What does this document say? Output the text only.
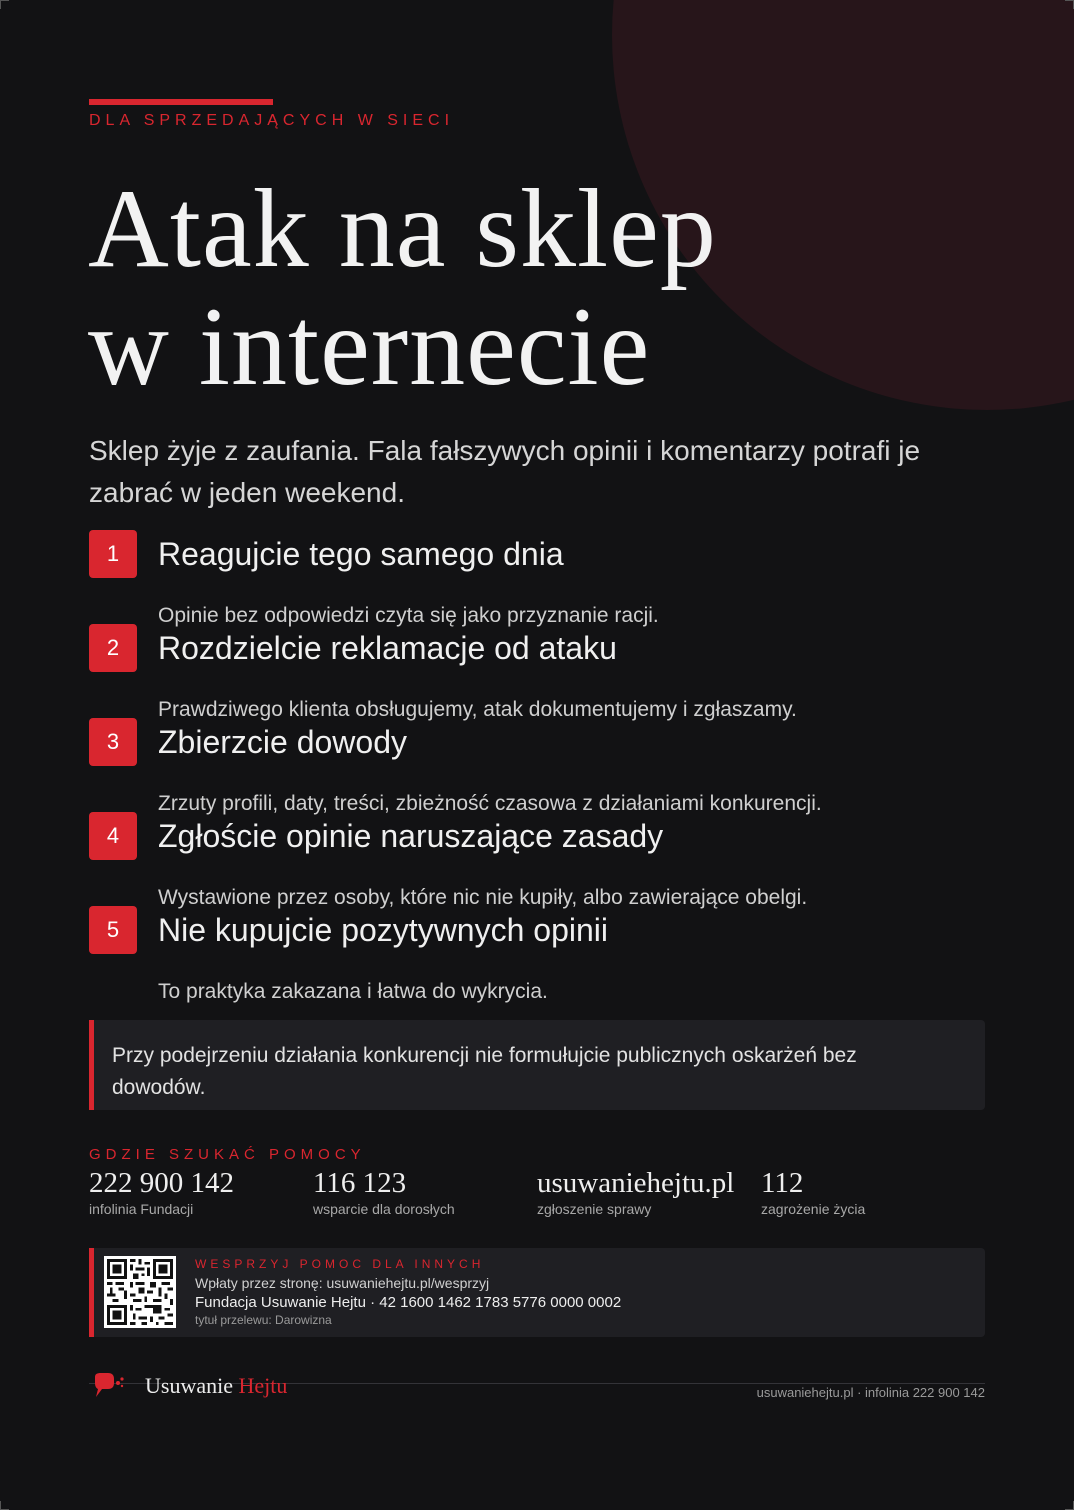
DLA SPRZEDAJĄCYCH W SIECI
Atak na sklep
w internecie

Sklep żyje z zaufania. Fala fałszywych opinii i komentarzy potrafi je zabrać w jeden weekend.

1	Reagujcie tego samego dnia
Opinie bez odpowiedzi czyta się jako przyznanie racji.
2	Rozdzielcie reklamacje od ataku
Prawdziwego klienta obsługujemy, atak dokumentujemy i zgłaszamy.
3	Zbierzcie dowody
Zrzuty profili, daty, treści, zbieżność czasowa z działaniami konkurencji.
4	Zgłoście opinie naruszające zasady
Wystawione przez osoby, które nic nie kupiły, albo zawierające obelgi.
5	Nie kupujcie pozytywnych opinii
To praktyka zakazana i łatwa do wykrycia.
Przy podejrzeniu działania konkurencji nie formułujcie publicznych oskarżeń bez dowodów.
GDZIE SZUKAĆ POMOCY
222 900 142
infolinia Fundacji
116 123
wsparcie dla dorosłych
usuwaniehejtu.pl
zgłoszenie sprawy
112
zagrożenie życia
WESPRZYJ POMOC DLA INNYCH
Wpłaty przez stronę: usuwaniehejtu.pl/wesprzyj
Fundacja Usuwanie Hejtu · 42 1600 1462 1783 5776 0000 0002
tytuł przelewu: Darowizna
Usuwanie Hejtu	usuwaniehejtu.pl · infolinia 222 900 142
